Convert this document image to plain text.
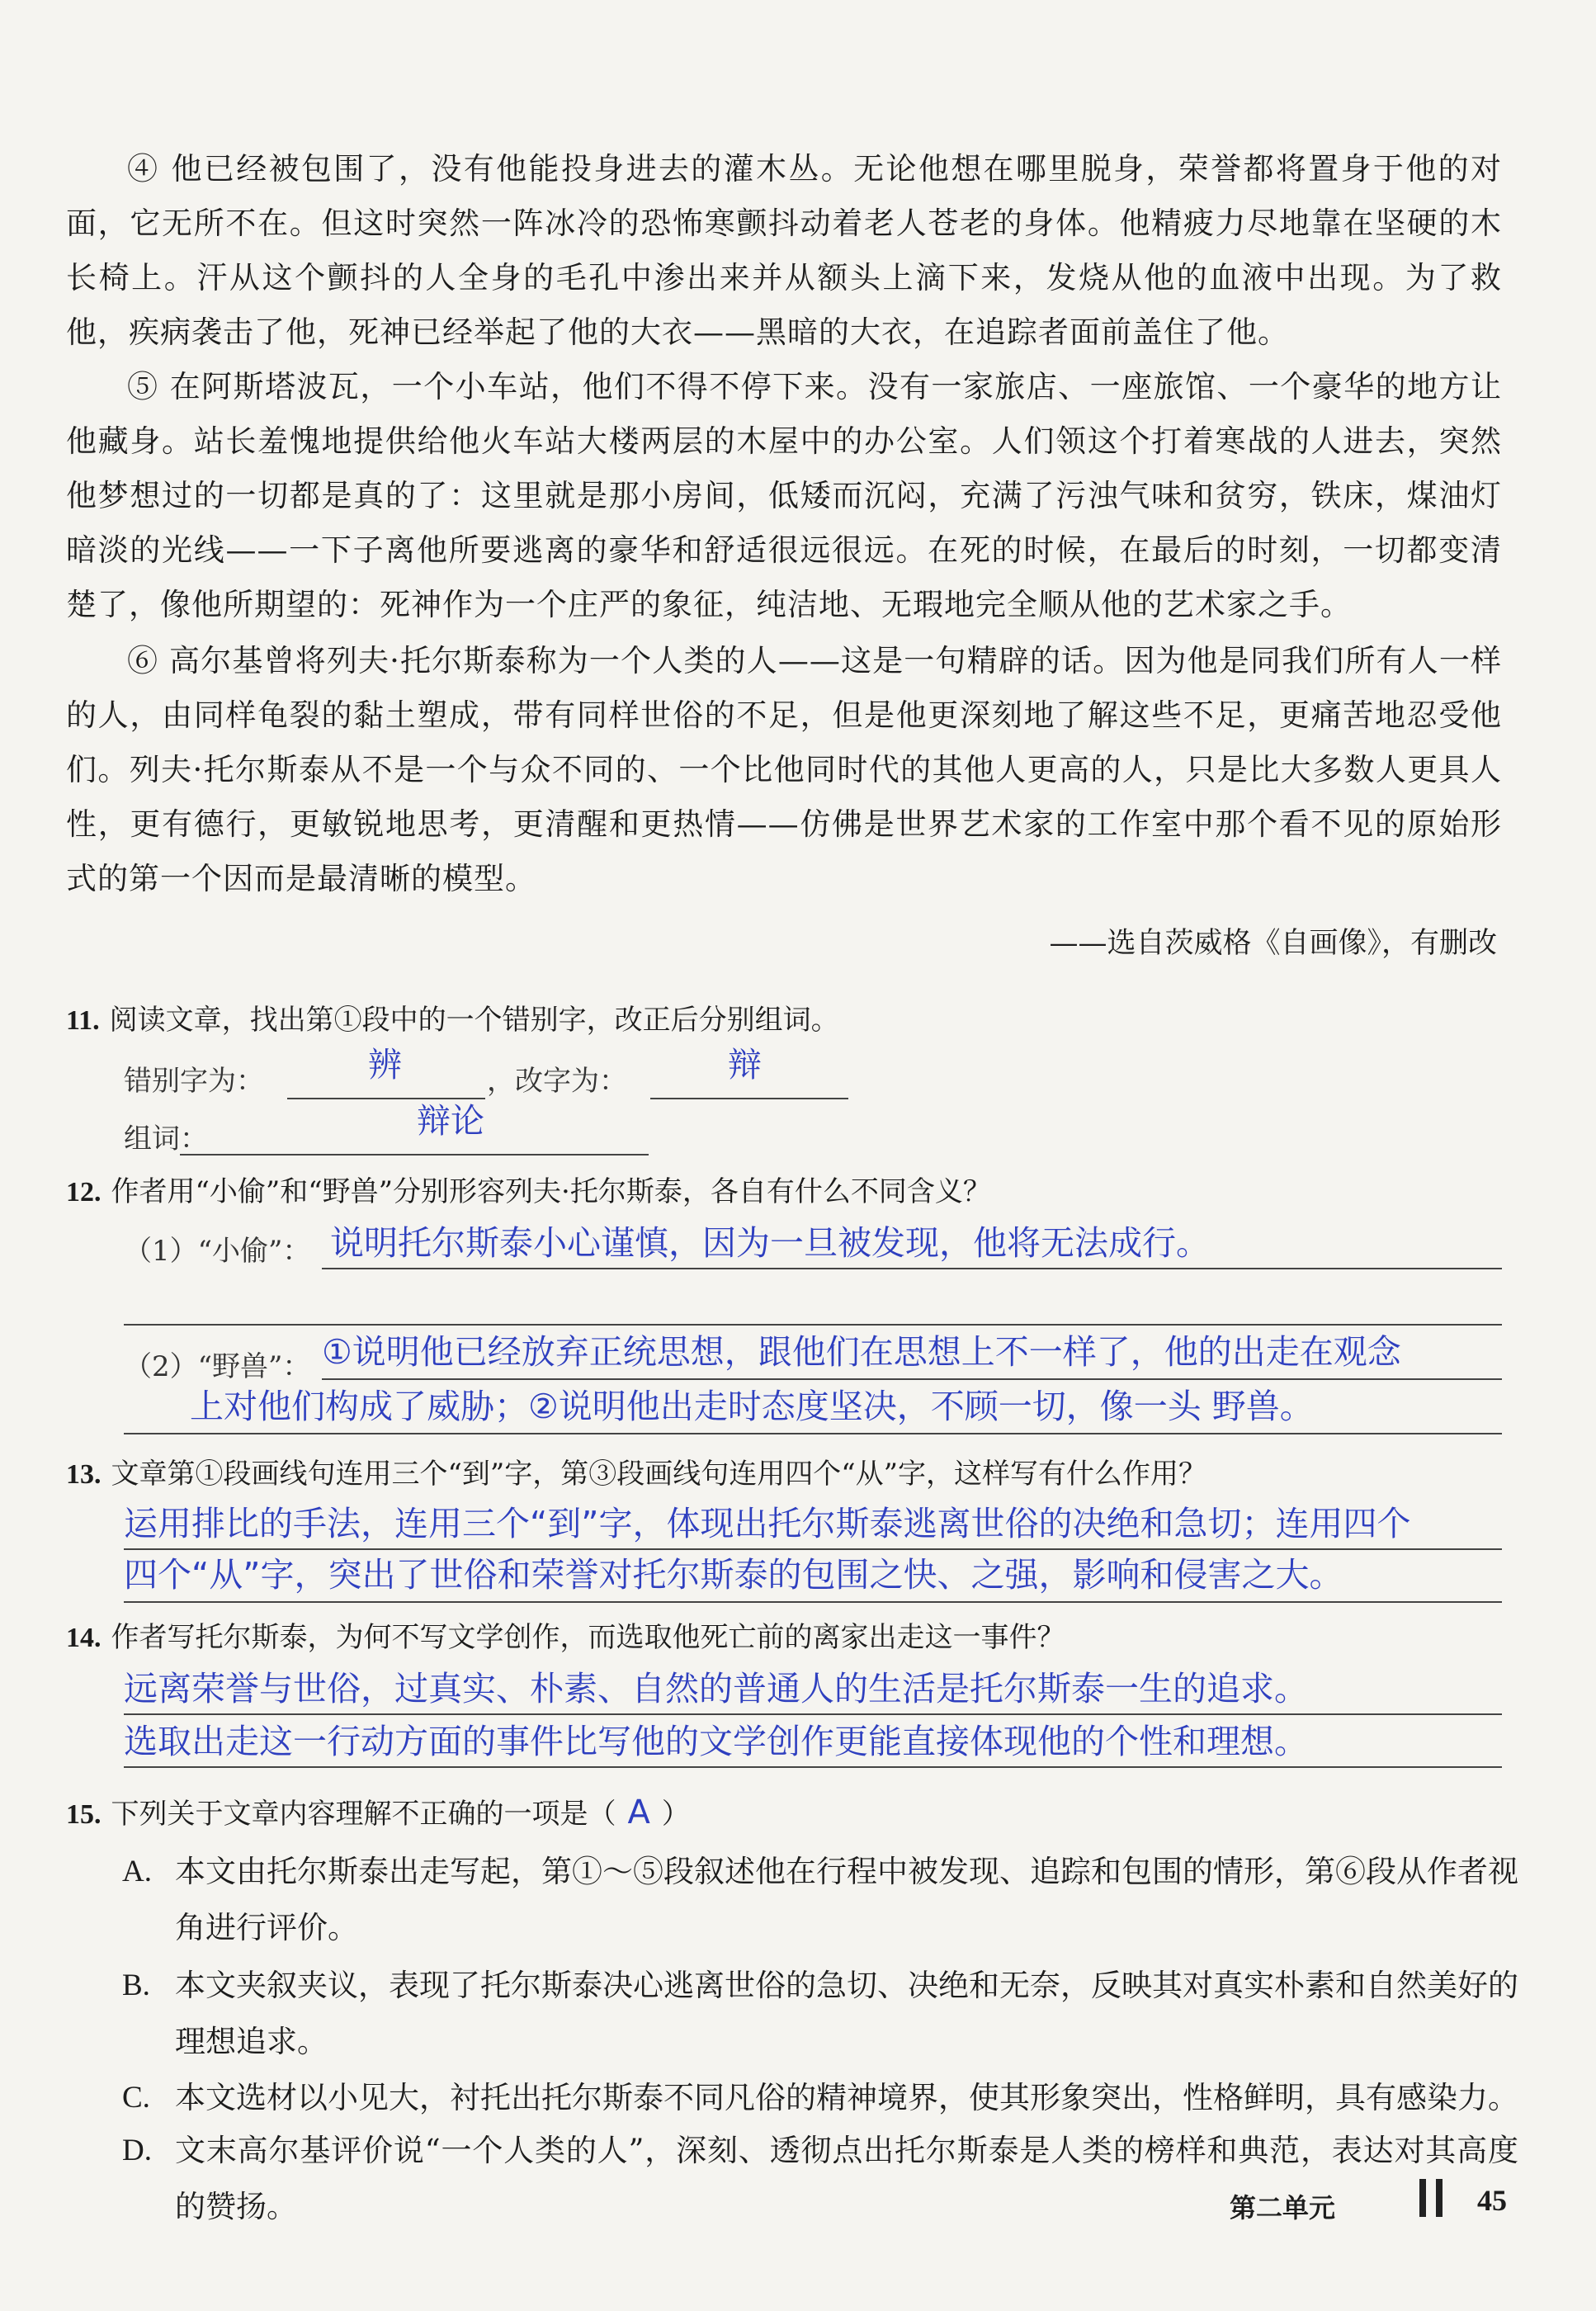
④ 他已经被包围了，没有他能投身进去的灌木丛。无论他想在哪里脱身，荣誉都将置身于他的对面，它无所不在。但这时突然一阵冰冷的恐怖寒颤抖动着老人苍老的身体。他精疲力尽地靠在坚硬的木长椅上。汗从这个颤抖的人全身的毛孔中渗出来并从额头上滴下来，发烧从他的血液中出现。为了救他，疾病袭击了他，死神已经举起了他的大衣——黑暗的大衣，在追踪者面前盖住了他。
⑤ 在阿斯塔波瓦，一个小车站，他们不得不停下来。没有一家旅店、一座旅馆、一个豪华的地方让他藏身。站长羞愧地提供给他火车站大楼两层的木屋中的办公室。人们领这个打着寒战的人进去，突然他梦想过的一切都是真的了：这里就是那小房间，低矮而沉闷，充满了污浊气味和贫穷，铁床，煤油灯暗淡的光线——一下子离他所要逃离的豪华和舒适很远很远。在死的时候，在最后的时刻，一切都变清楚了，像他所期望的：死神作为一个庄严的象征，纯洁地、无瑕地完全顺从他的艺术家之手。
⑥ 高尔基曾将列夫·托尔斯泰称为一个人类的人——这是一句精辟的话。因为他是同我们所有人一样的人，由同样龟裂的黏土塑成，带有同样世俗的不足，但是他更深刻地了解这些不足，更痛苦地忍受他们。列夫·托尔斯泰从不是一个与众不同的、一个比他同时代的其他人更高的人，只是比大多数人更具人性，更有德行，更敏锐地思考，更清醒和更热情——仿佛是世界艺术家的工作室中那个看不见的原始形式的第一个因而是最清晰的模型。
——选自茨威格《自画像》，有删改
11. 阅读文章，找出第①段中的一个错别字，改正后分别组词。
错别字为：	辨	，改字为：	辩
组词：	辩论
12. 作者用“小偷”和“野兽”分别形容列夫·托尔斯泰，各自有什么不同含义？
（1）“小偷”： 说明托尔斯泰小心谨慎，因为一旦被发现，他将无法成行。
（2）“野兽”： ①说明他已经放弃正统思想，跟他们在思想上不一样了，他的出走在观念
上对他们构成了威胁；②说明他出走时态度坚决，不顾一切，像一头 野兽。
13. 文章第①段画线句连用三个“到”字，第③段画线句连用四个“从”字，这样写有什么作用？
运用排比的手法，连用三个“到”字，体现出托尔斯泰逃离世俗的决绝和急切；连用四个
四个“从”字，突出了世俗和荣誉对托尔斯泰的包围之快、之强，影响和侵害之大。
14. 作者写托尔斯泰，为何不写文学创作，而选取他死亡前的离家出走这一事件？
远离荣誉与世俗，过真实、朴素、自然的普通人的生活是托尔斯泰一生的追求。
选取出走这一行动方面的事件比写他的文学创作更能直接体现他的个性和理想。
15. 下列关于文章内容理解不正确的一项是（ A ）
A. 本文由托尔斯泰出走写起，第①～⑤段叙述他在行程中被发现、追踪和包围的情形，第⑥段从作者视角进行评价。
B. 本文夹叙夹议，表现了托尔斯泰决心逃离世俗的急切、决绝和无奈，反映其对真实朴素和自然美好的理想追求。
C. 本文选材以小见大，衬托出托尔斯泰不同凡俗的精神境界，使其形象突出，性格鲜明，具有感染力。
D. 文末高尔基评价说“一个人类的人”，深刻、透彻点出托尔斯泰是人类的榜样和典范，表达对其高度的赞扬。	第二单元	45
